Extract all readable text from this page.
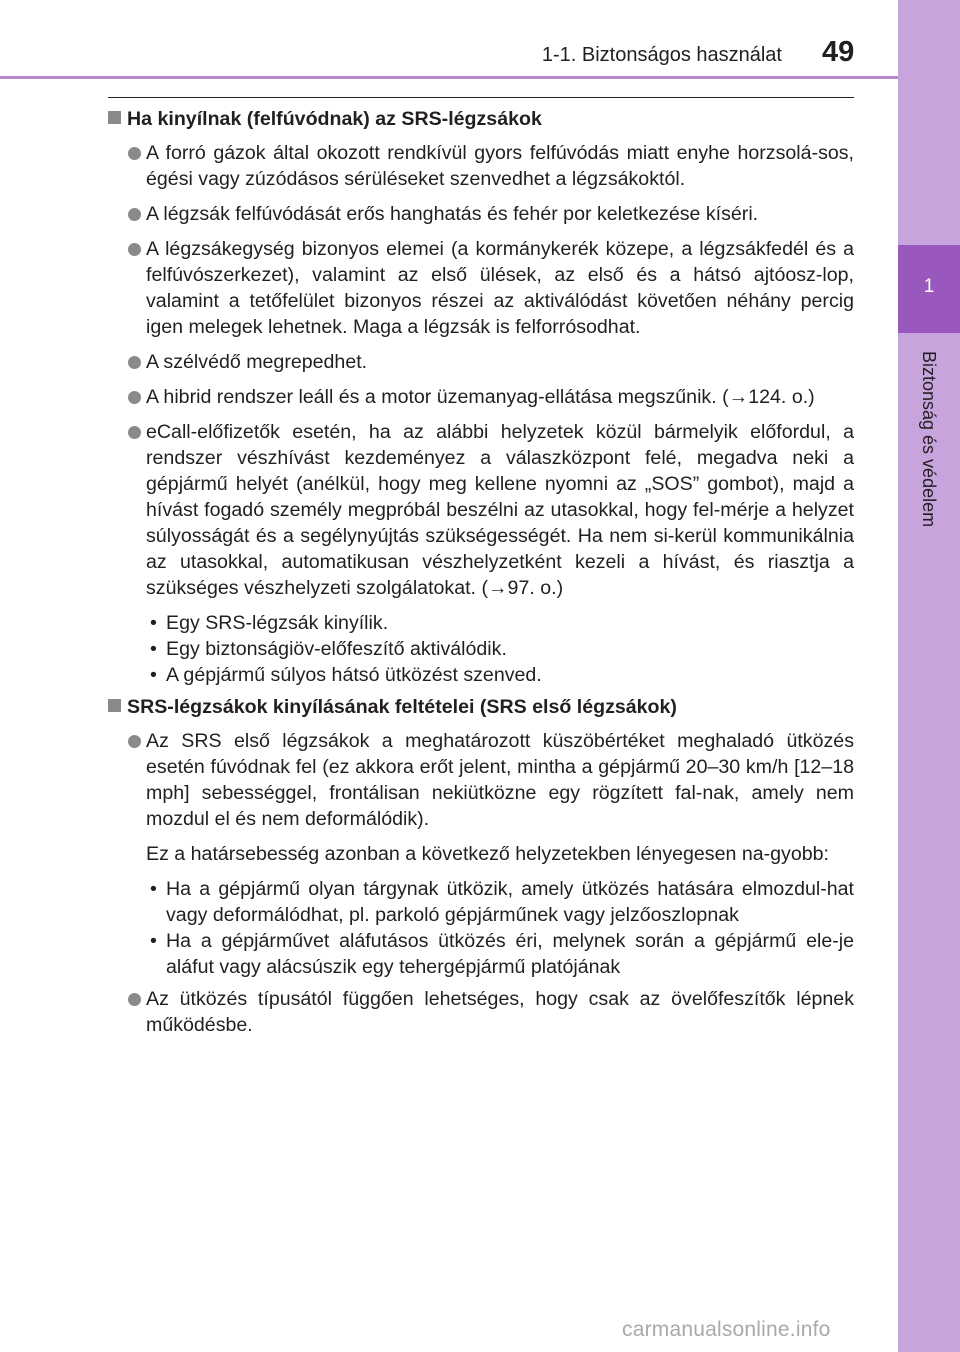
1-1. Biztonságos használat 49
1
Biztonság és védelem
Ha kinyílnak (felfúvódnak) az SRS-légzsákok
A forró gázok által okozott rendkívül gyors felfúvódás miatt enyhe horzsolá-sos, égési vagy zúzódásos sérüléseket szenvedhet a légzsákoktól.
A légzsák felfúvódását erős hanghatás és fehér por keletkezése kíséri.
A légzsákegység bizonyos elemei (a kormánykerék közepe, a légzsákfedél és a felfúvószerkezet), valamint az első ülések, az első és a hátsó ajtóosz-lop, valamint a tetőfelület bizonyos részei az aktiválódást követően néhány percig igen melegek lehetnek. Maga a légzsák is felforrósodhat.
A szélvédő megrepedhet.
A hibrid rendszer leáll és a motor üzemanyag-ellátása megszűnik. (→124. o.)
eCall-előfizetők esetén, ha az alábbi helyzetek közül bármelyik előfordul, a rendszer vészhívást kezdeményez a válaszközpont felé, megadva neki a gépjármű helyét (anélkül, hogy meg kellene nyomni az „SOS” gombot), majd a hívást fogadó személy megpróbál beszélni az utasokkal, hogy fel-mérje a helyzet súlyosságát és a segélynyújtás szükségességét. Ha nem si-kerül kommunikálnia az utasokkal, automatikusan vészhelyzetként kezeli a hívást, és riasztja a szükséges vészhelyzeti szolgálatokat. (→97. o.)
• Egy SRS-légzsák kinyílik.
• Egy biztonságiöv-előfeszítő aktiválódik.
• A gépjármű súlyos hátsó ütközést szenved.
SRS-légzsákok kinyílásának feltételei (SRS első légzsákok)
Az SRS első légzsákok a meghatározott küszöbértéket meghaladó ütközés esetén fúvódnak fel (ez akkora erőt jelent, mintha a gépjármű 20–30 km/h [12–18 mph] sebességgel, frontálisan nekiütközne egy rögzített fal-nak, amely nem mozdul el és nem deformálódik).
Ez a határsebesség azonban a következő helyzetekben lényegesen na-gyobb:
• Ha a gépjármű olyan tárgynak ütközik, amely ütközés hatására elmozdul-hat vagy deformálódhat, pl. parkoló gépjárműnek vagy jelzőoszlopnak
• Ha a gépjárművet aláfutásos ütközés éri, melynek során a gépjármű ele-je aláfut vagy alácsúszik egy tehergépjármű platójának
Az ütközés típusától függően lehetséges, hogy csak az övelőfeszítők lépnek működésbe.
carmanualsonline.info
